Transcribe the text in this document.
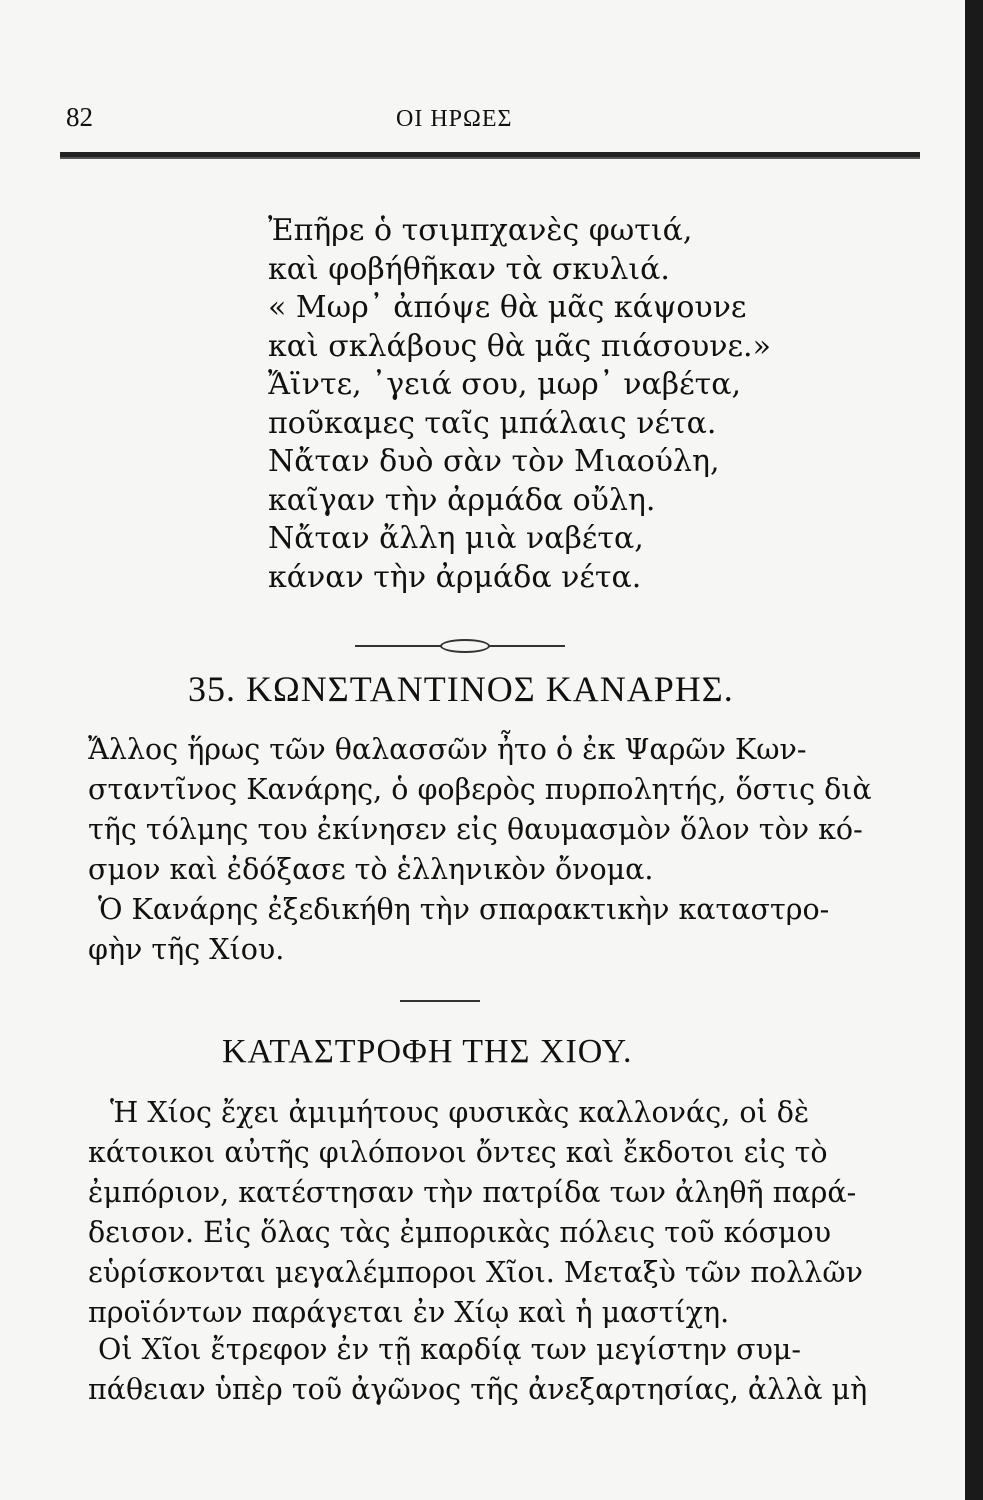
82	ΟΙ ΗΡΩΕΣ
Ἐπῆρε ὁ τσιμπχανὲς φωτιά,
καὶ φοβήθῆκαν τὰ σκυλιά.
« Μωρ᾽ ἀπόψε θὰ μᾶς κάψουνε
καὶ σκλάβους θὰ μᾶς πιάσουνε.»
Ἄϊντε, ᾽γειά σου, μωρ᾽ ναβέτα,
ποῦκαμες ταῖς μπάλαις νέτα.
Νἄταν δυὸ σὰν τὸν Μιαούλη,
καῖγαν τὴν ἀρμάδα οὔλη.
Νἄταν ἄλλη μιὰ ναβέτα,
κάναν τὴν ἀρμάδα νέτα.
35. ΚΩΝΣΤΑΝΤΙΝΟΣ ΚΑΝΑΡΗΣ.
Ἄλλος ἥρως τῶν θαλασσῶν ἦτο ὁ ἐκ Ψαρῶν Κων-
σταντῖνος Κανάρης, ὁ φοβερὸς πυρπολητής, ὅστις διὰ
τῆς τόλμης του ἐκίνησεν εἰς θαυμασμὸν ὅλον τὸν κό-
σμον καὶ ἐδόξασε τὸ ἑλληνικὸν ὄνομα.
Ὁ Κανάρης ἐξεδικήθη τὴν σπαρακτικὴν καταστρο-
φὴν τῆς Χίου.
ΚΑΤΑΣΤΡΟΦΗ ΤΗΣ ΧΙΟΥ.
Ἡ Χίος ἔχει ἀμιμήτους φυσικὰς καλλονάς, οἱ δὲ
κάτοικοι αὐτῆς φιλόπονοι ὄντες καὶ ἔκδοτοι εἰς τὸ
ἐμπόριον, κατέστησαν τὴν πατρίδα των ἀληθῆ παρά-
δεισον. Εἰς ὅλας τὰς ἐμπορικὰς πόλεις τοῦ κόσμου
εὑρίσκονται μεγαλέμποροι Χῖοι. Μεταξὺ τῶν πολλῶν
προϊόντων παράγεται ἐν Χίῳ καὶ ἡ μαστίχη.
Οἱ Χῖοι ἔτρεφον ἐν τῇ καρδίᾳ των μεγίστην συμ-
πάθειαν ὑπὲρ τοῦ ἀγῶνος τῆς ἀνεξαρτησίας, ἀλλὰ μὴ
